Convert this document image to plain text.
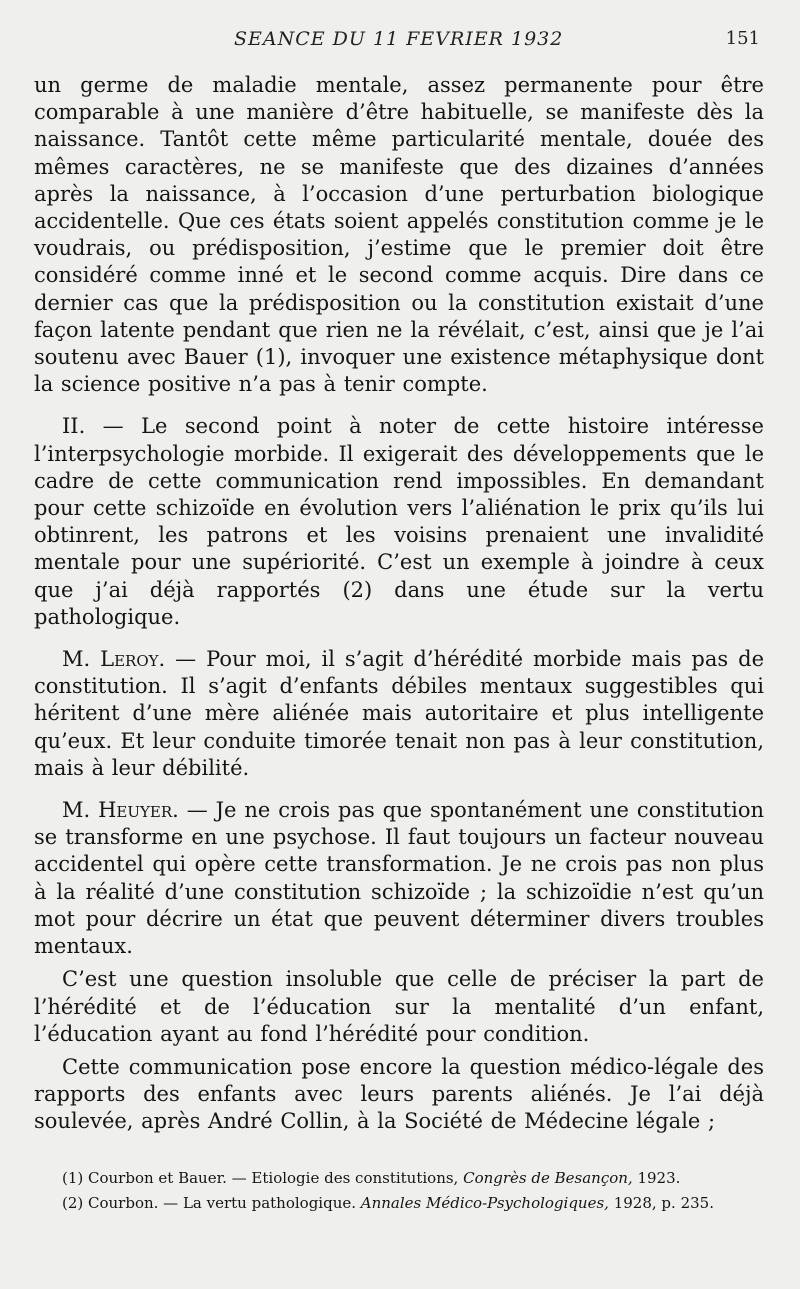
SEANCE DU 11 FEVRIER 1932	151

un germe de maladie mentale, assez permanente pour être comparable à une manière d’être habituelle, se manifeste dès la naissance. Tantôt cette même particularité mentale, douée des mêmes caractères, ne se manifeste que des dizaines d’années après la naissance, à l’occasion d’une perturbation biologique accidentelle. Que ces états soient appelés constitution comme je le voudrais, ou prédisposition, j’estime que le premier doit être considéré comme inné et le second comme acquis. Dire dans ce dernier cas que la prédisposition ou la constitution existait d’une façon latente pendant que rien ne la révélait, c’est, ainsi que je l’ai soutenu avec Bauer (1), invoquer une existence métaphysique dont la science positive n’a pas à tenir compte.

II. — Le second point à noter de cette histoire intéresse l’interpsychologie morbide. Il exigerait des développements que le cadre de cette communication rend impossibles. En demandant pour cette schizoïde en évolution vers l’aliénation le prix qu’ils lui obtinrent, les patrons et les voisins prenaient une invalidité mentale pour une supériorité. C’est un exemple à joindre à ceux que j’ai déjà rapportés (2) dans une étude sur la vertu pathologique.

M. Leroy. — Pour moi, il s’agit d’hérédité morbide mais pas de constitution. Il s’agit d’enfants débiles mentaux suggestibles qui héritent d’une mère aliénée mais autoritaire et plus intelligente qu’eux. Et leur conduite timorée tenait non pas à leur constitution, mais à leur débilité.

M. Heuyer. — Je ne crois pas que spontanément une constitution se transforme en une psychose. Il faut toujours un facteur nouveau accidentel qui opère cette transformation. Je ne crois pas non plus à la réalité d’une constitution schizoïde ; la schizoïdie n’est qu’un mot pour décrire un état que peuvent déterminer divers troubles mentaux.

C’est une question insoluble que celle de préciser la part de l’hérédité et de l’éducation sur la mentalité d’un enfant, l’éducation ayant au fond l’hérédité pour condition.

Cette communication pose encore la question médico-légale des rapports des enfants avec leurs parents aliénés. Je l’ai déjà soulevée, après André Collin, à la Société de Médecine légale ;

(1) Courbon et Bauer. — Etiologie des constitutions, Congrès de Besançon, 1923.

(2) Courbon. — La vertu pathologique. Annales Médico-Psychologiques, 1928, p. 235.
